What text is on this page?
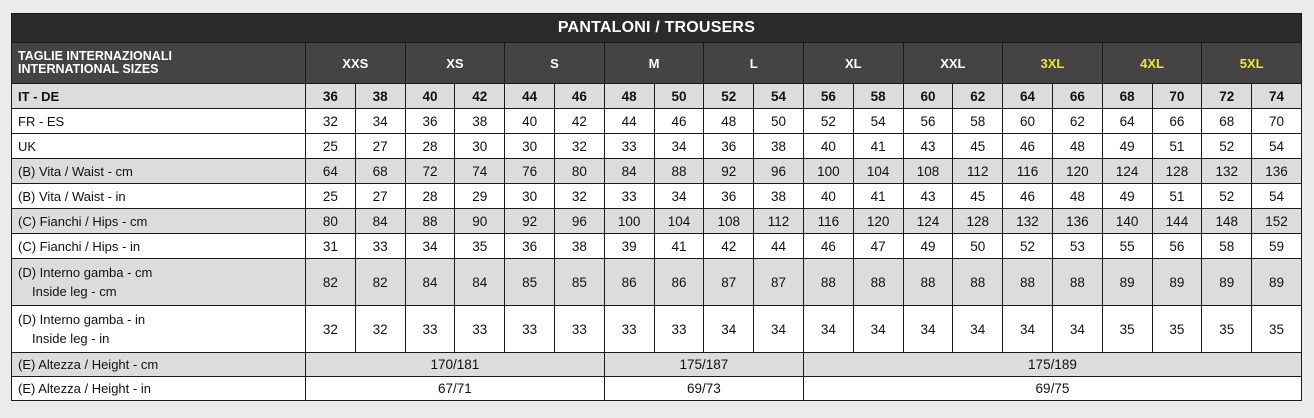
PANTALONI / TROUSERS																				

TAGLIE INTERNAZIONALI
INTERNATIONAL SIZES	XXS		XS		S		M		L		XL		XXL		3XL		4XL		5XL	
IT - DE	36	38	40	42	44	46	48	50	52	54	56	58	60	62	64	66	68	70	72	74
FR - ES	32	34	36	38	40	42	44	46	48	50	52	54	56	58	60	62	64	66	68	70
UK	25	27	28	30	30	32	33	34	36	38	40	41	43	45	46	48	49	51	52	54
(B) Vita / Waist - cm	64	68	72	74	76	80	84	88	92	96	100	104	108	112	116	120	124	128	132	136
(B) Vita / Waist - in	25	27	28	29	30	32	33	34	36	38	40	41	43	45	46	48	49	51	52	54
(C) Fianchi / Hips - cm	80	84	88	90	92	96	100	104	108	112	116	120	124	128	132	136	140	144	148	152
(C) Fianchi / Hips - in	31	33	34	35	36	38	39	41	42	44	46	47	49	50	52	53	55	56	58	59

(D) Interno gamba - cm
Inside leg - cm	82	82	84	84	85	85	86	86	87	87	88	88	88	88	88	88	89	89	89	89

(D) Interno gamba - in
Inside leg - in	32	32	33	33	33	33	33	33	34	34	34	34	34	34	34	34	35	35	35	35
(E) Altezza / Height - cm	170/181						175/187				175/189									
(E) Altezza / Height - in	67/71						69/73				69/75									
